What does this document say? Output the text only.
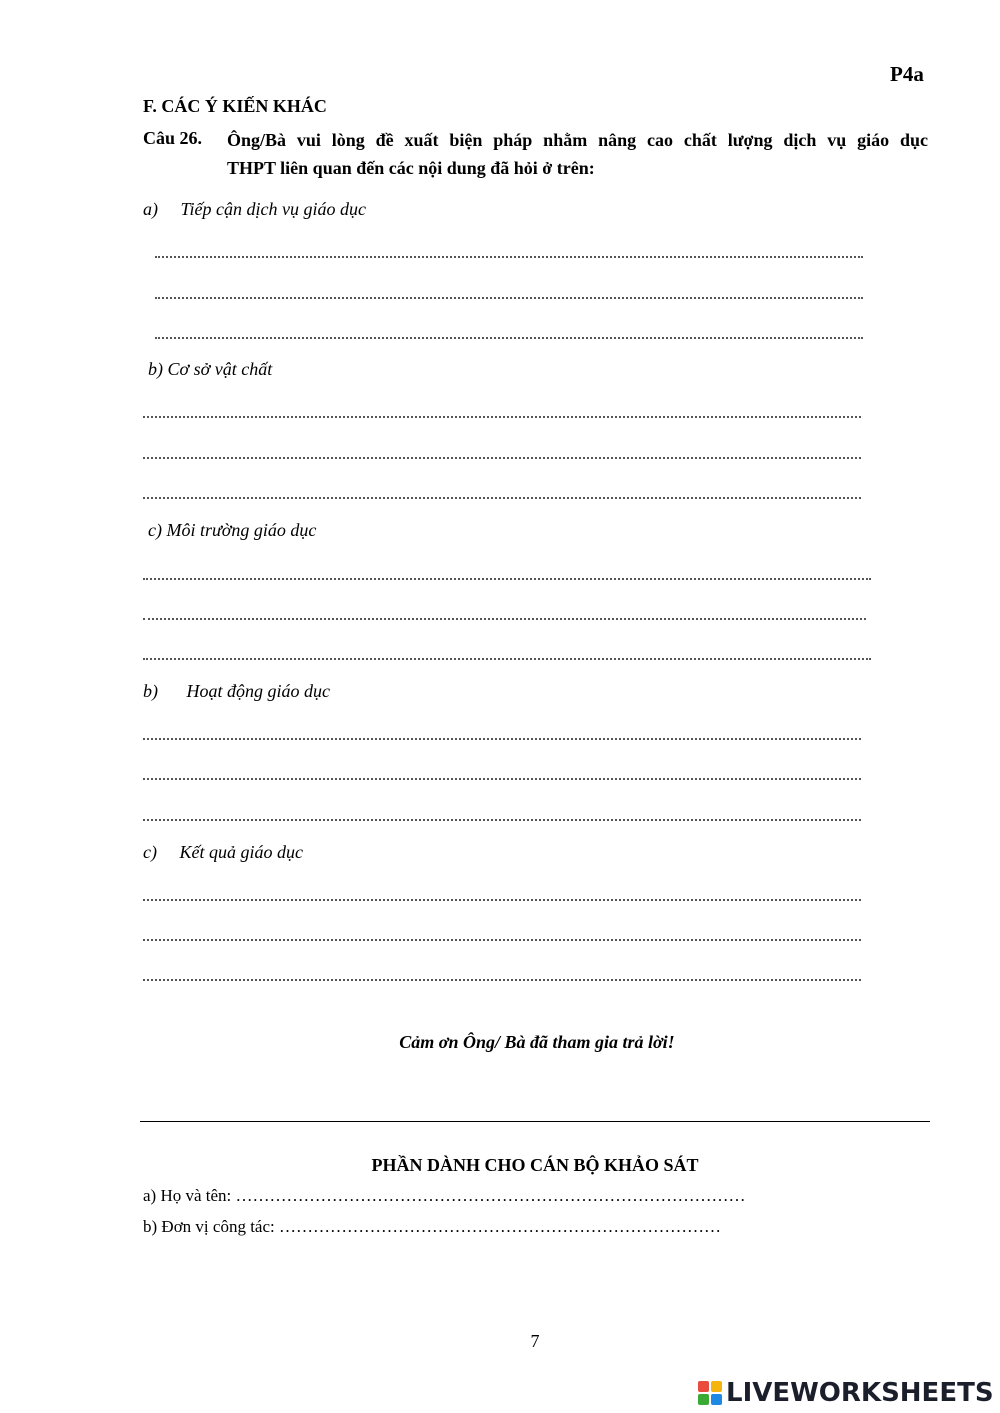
P4a
F. CÁC Ý KIẾN KHÁC
Câu 26. Ông/Bà vui lòng đề xuất biện pháp nhằm nâng cao chất lượng dịch vụ giáo dục
THPT liên quan đến các nội dung đã hỏi ở trên:
a) Tiếp cận dịch vụ giáo dục
b) Cơ sở vật chất
c) Môi trường giáo dục
b) Hoạt động giáo dục
c) Kết quả giáo dục
Cảm ơn Ông/ Bà đã tham gia trả lời!
PHẦN DÀNH CHO CÁN BỘ KHẢO SÁT
a) Họ và tên: ………………………………………………………………………………
b) Đơn vị công tác: ……………………………………………………………………
7
LIVEWORKSHEETS
